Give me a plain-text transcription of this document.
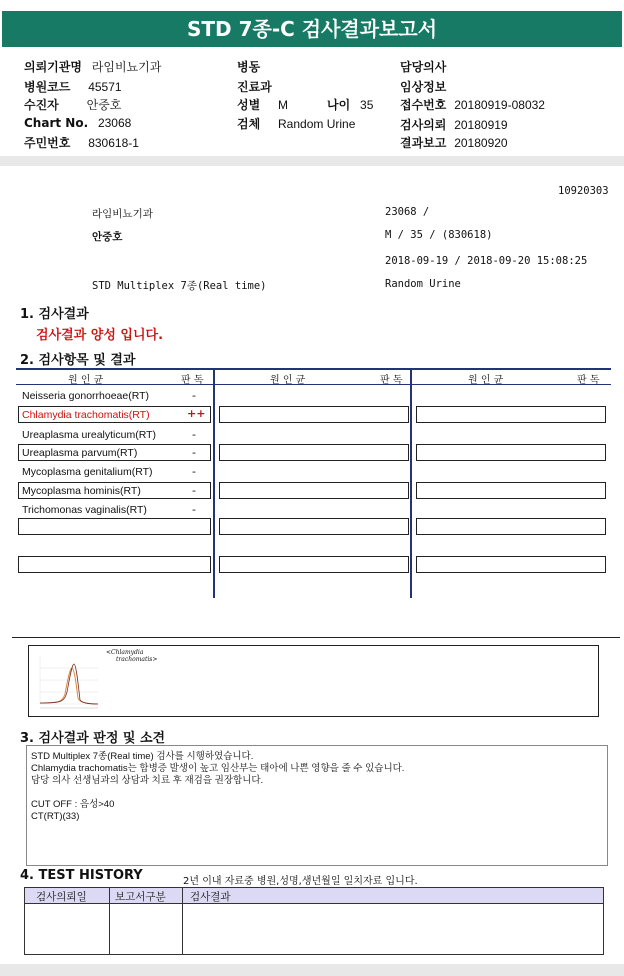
STD 7종-C 검사결과보고서
의뢰기관명 라임비뇨기과
병원코드 45571
수진자 안중호
Chart No. 23068
주민번호 830618-1
병동
진료과
성별 M	나이 35
검체 Random Urine
담당의사
임상정보
접수번호 20180919-08032
검사의뢰 20180919
결과보고 20180920
10920303
라임비뇨기과	23068 /
안중호	M / 35 / (830618)
2018-09-19 / 2018-09-20 15:08:25
STD Multiplex 7종(Real time)	Random Urine
1. 검사결과
검사결과 양성 입니다.
2. 검사항목 및 결과
원 인 균	판 독	원 인 균	판 독	원 인 균	판 독
Neisseria gonorrhoeae(RT)	-
Chlamydia trachomatis(RT)	++
Ureaplasma urealyticum(RT)	-
Ureaplasma parvum(RT)	-
Mycoplasma genitalium(RT)	-
Mycoplasma hominis(RT)	-
Trichomonas vaginalis(RT)	-
<Chlamydia
trachomatis>
3. 검사결과 판정 및 소견
STD Multiplex 7종(Real time) 검사를 시행하였습니다.
Chlamydia trachomatis는 합병증 발생이 높고 임산부는 태아에 나쁜 영향을 줄 수 있습니다.
담당 의사 선생님과의 상담과 치료 후 재검을 권장합니다.

CUT OFF : 음성>40
CT(RT)(33)
4. TEST HISTORY	2년 이내 자료중 병원,성명,생년월일 일치자료 입니다.
검사의뢰일	보고서구분 검사결과
